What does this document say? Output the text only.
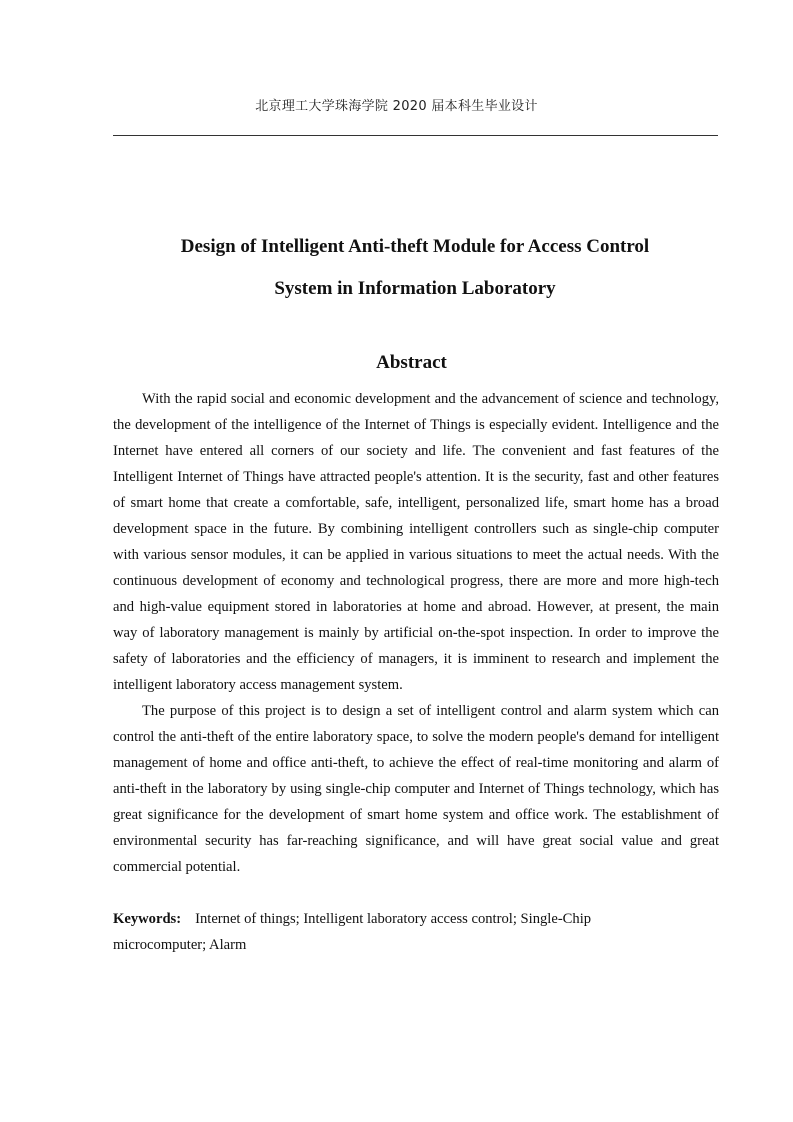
北京理工大学珠海学院 2020 届本科生毕业设计
Design of Intelligent Anti-theft Module for Access Control
System in Information Laboratory
Abstract

With the rapid social and economic development and the advancement of science and technology, the development of the intelligence of the Internet of Things is especially evident. Intelligence and the Internet have entered all corners of our society and life. The convenient and fast features of the Intelligent Internet of Things have attracted people's attention. It is the security, fast and other features of smart home that create a comfortable, safe, intelligent, personalized life, smart home has a broad development space in the future. By combining intelligent controllers such as single-chip computer with various sensor modules, it can be applied in various situations to meet the actual needs. With the continuous development of economy and technological progress, there are more and more high-tech and high-value equipment stored in laboratories at home and abroad. However, at present, the main way of laboratory management is mainly by artificial on-the-spot inspection. In order to improve the safety of laboratories and the efficiency of managers, it is imminent to research and implement the intelligent laboratory access management system.

The purpose of this project is to design a set of intelligent control and alarm system which can control the anti-theft of the entire laboratory space, to solve the modern people's demand for intelligent management of home and office anti-theft, to achieve the effect of real-time monitoring and alarm of anti-theft in the laboratory by using single-chip computer and Internet of Things technology, which has great significance for the development of smart home system and office work. The establishment of environmental security has far-reaching significance, and will have great social value and great commercial potential.

Keywords: Internet of things; Intelligent laboratory access control; Single-Chip microcomputer; Alarm
